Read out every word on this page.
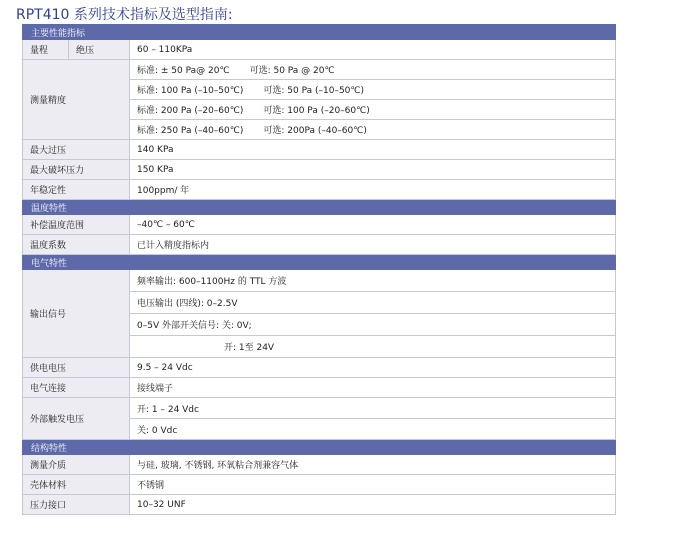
RPT410 系列技术指标及选型指南:
主要性能指标		
量程	绝压	60 – 110KPa
测量精度		标准: ± 50 Pa@ 20℃ 可选: 50 Pa @ 20℃
		标准: 100 Pa (–10–50℃) 可选: 50 Pa (–10–50℃)
		标准: 200 Pa (–20–60℃) 可选: 100 Pa (–20–60℃)
		标准: 250 Pa (–40–60℃) 可选: 200Pa (–40–60℃)
最大过压		140 KPa
最大破坏压力		150 KPa
年稳定性		100ppm/ 年
温度特性		
补偿温度范围		–40℃ – 60℃
温度系数		已计入精度指标内
电气特性		
输出信号		频率输出: 600–1100Hz 的 TTL 方波
		电压输出 (四线): 0–2.5V
		0–5V 外部开关信号: 关: 0V;
		开: 1至 24V
供电电压		9.5 – 24 Vdc
电气连接		接线端子
外部触发电压		开: 1 – 24 Vdc
		关: 0 Vdc
结构特性		
测量介质		与硅, 玻璃, 不锈钢, 环氧粘合剂兼容气体
壳体材料		不锈钢
压力接口		10–32 UNF
